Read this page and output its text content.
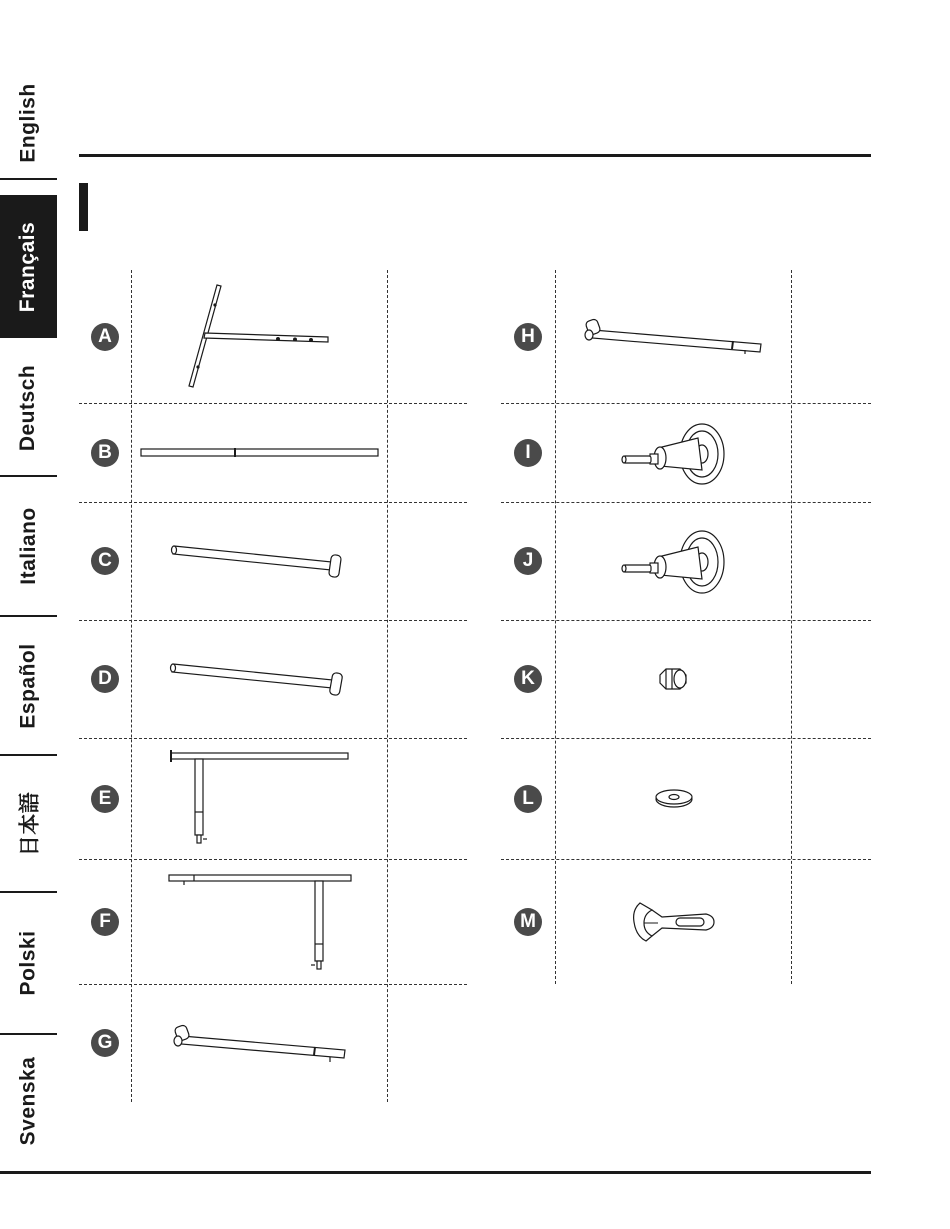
English
Français
Deutsch
Italiano
Español
日本語
Polski
Svenska
A
B
C
D
E
F
G
H
I
J
K
L
M
